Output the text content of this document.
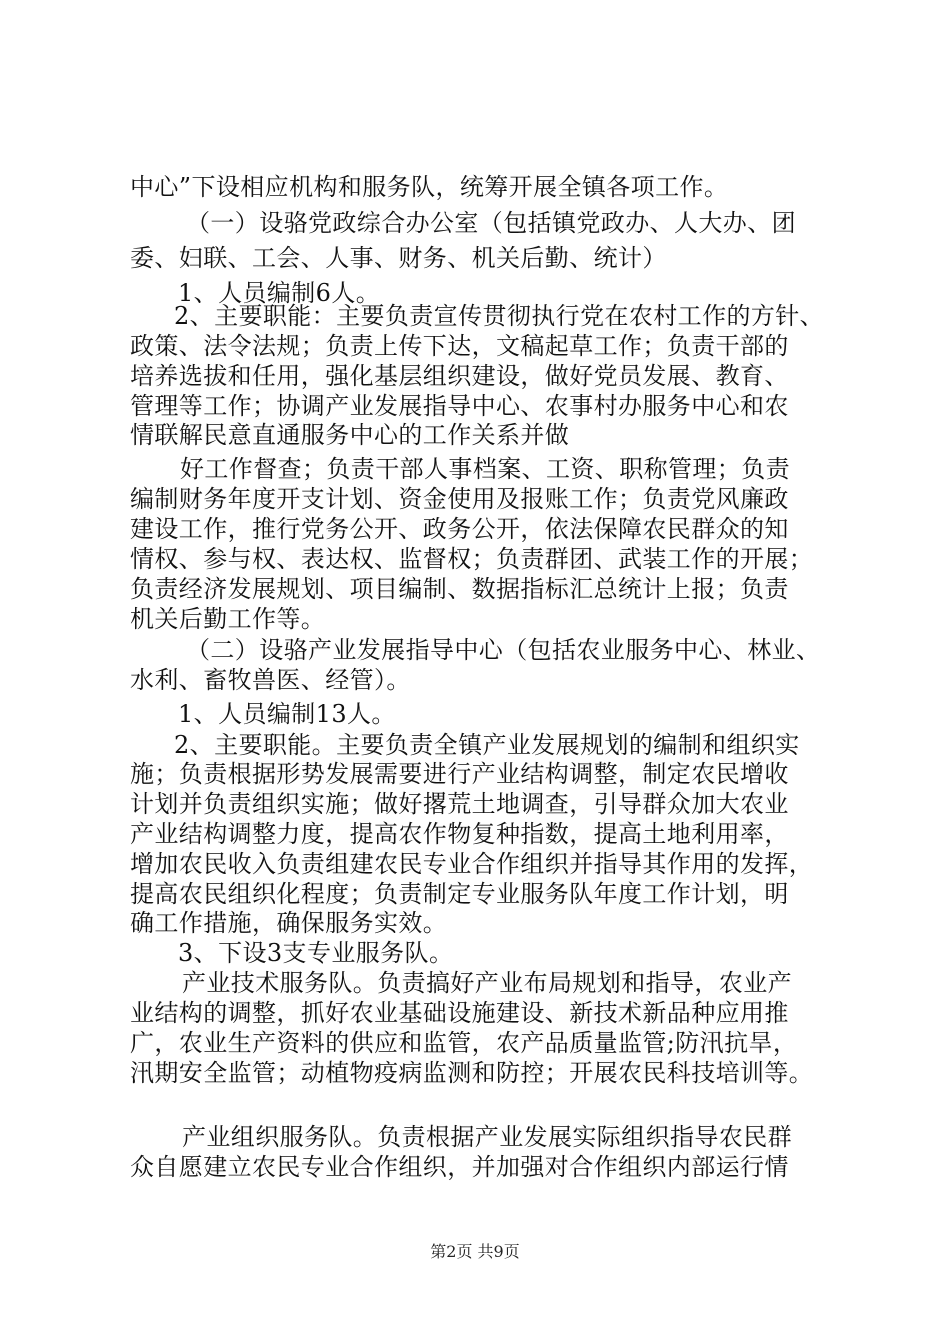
中心”下设相应机构和服务队，统筹开展全镇各项工作。
（一）设骆党政综合办公室（包括镇党政办、人大办、团
委、妇联、工会、人事、财务、机关后勤、统计）
1、人员编制6人。
2、主要职能：主要负责宣传贯彻执行党在农村工作的方针、
政策、法令法规；负责上传下达，文稿起草工作；负责干部的
培养选拔和任用，强化基层组织建设，做好党员发展、教育、
管理等工作；协调产业发展指导中心、农事村办服务中心和农
情联解民意直通服务中心的工作关系并做
好工作督查；负责干部人事档案、工资、职称管理；负责
编制财务年度开支计划、资金使用及报账工作；负责党风廉政
建设工作，推行党务公开、政务公开，依法保障农民群众的知
情权、参与权、表达权、监督权；负责群团、武装工作的开展；
负责经济发展规划、项目编制、数据指标汇总统计上报；负责
机关后勤工作等。
（二）设骆产业发展指导中心（包括农业服务中心、林业、
水利、畜牧兽医、经管）。
1、人员编制13人。
2、主要职能。主要负责全镇产业发展规划的编制和组织实
施；负责根据形势发展需要进行产业结构调整，制定农民增收
计划并负责组织实施；做好撂荒土地调查，引导群众加大农业
产业结构调整力度，提高农作物复种指数，提高土地利用率，
增加农民收入负责组建农民专业合作组织并指导其作用的发挥，
提高农民组织化程度；负责制定专业服务队年度工作计划，明
确工作措施，确保服务实效。
3、下设3支专业服务队。
产业技术服务队。负责搞好产业布局规划和指导，农业产
业结构的调整，抓好农业基础设施建设、新技术新品种应用推
广，农业生产资料的供应和监管，农产品质量监管;防汛抗旱，
汛期安全监管；动植物疫病监测和防控；开展农民科技培训等。
产业组织服务队。负责根据产业发展实际组织指导农民群
众自愿建立农民专业合作组织，并加强对合作组织内部运行情
第2页 共9页
